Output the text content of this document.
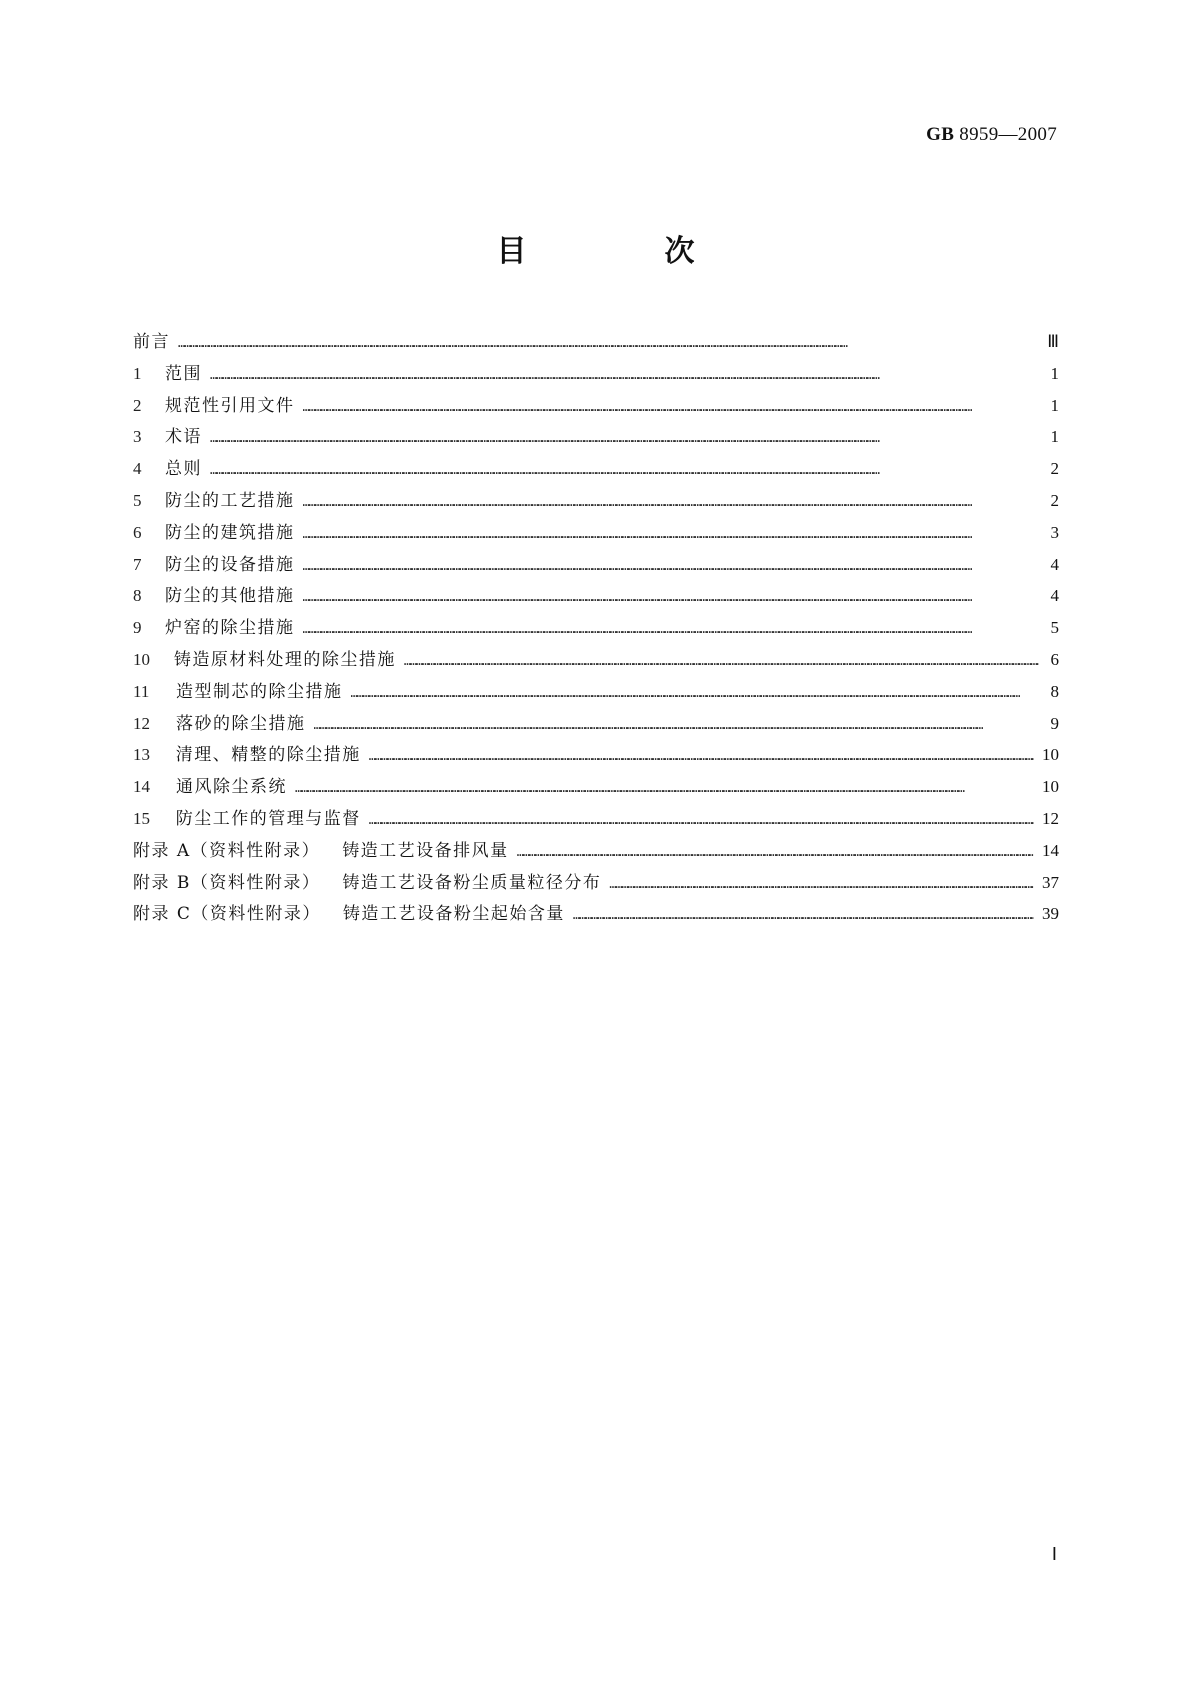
GB 8959—2007
目　次
前言 ………………………………………………………………………………………………………………………………………………………………………………………………………………………………………………………………………………………………………	Ⅲ
1	范围 ………………………………………………………………………………………………………………………………………………………………………………………………………………………………………………………………………………………………………	1
2	规范性引用文件 ………………………………………………………………………………………………………………………………………………………………………………………………………………………………………………………………………………………………………	1
3	术语 ………………………………………………………………………………………………………………………………………………………………………………………………………………………………………………………………………………………………………	1
4	总则 ………………………………………………………………………………………………………………………………………………………………………………………………………………………………………………………………………………………………………	2
5	防尘的工艺措施 ………………………………………………………………………………………………………………………………………………………………………………………………………………………………………………………………………………………………………	2
6	防尘的建筑措施 ………………………………………………………………………………………………………………………………………………………………………………………………………………………………………………………………………………………………………	3
7	防尘的设备措施 ………………………………………………………………………………………………………………………………………………………………………………………………………………………………………………………………………………………………………	4
8	防尘的其他措施 ………………………………………………………………………………………………………………………………………………………………………………………………………………………………………………………………………………………………………	4
9	炉窑的除尘措施 ………………………………………………………………………………………………………………………………………………………………………………………………………………………………………………………………………………………………………	5
10	铸造原材料处理的除尘措施 ………………………………………………………………………………………………………………………………………………………………………………………………………………………………………………………………………………………………………	6
11	造型制芯的除尘措施 ………………………………………………………………………………………………………………………………………………………………………………………………………………………………………………………………………………………………………	8
12	落砂的除尘措施 ………………………………………………………………………………………………………………………………………………………………………………………………………………………………………………………………………………………………………	9
13	清理、精整的除尘措施 ………………………………………………………………………………………………………………………………………………………………………………………………………………………………………………………………………………………………………	10
14	通风除尘系统 ………………………………………………………………………………………………………………………………………………………………………………………………………………………………………………………………………………………………………	10
15	防尘工作的管理与监督 ………………………………………………………………………………………………………………………………………………………………………………………………………………………………………………………………………………………………………	12
附录 A（资料性附录） 铸造工艺设备排风量 ………………………………………………………………………………………………………………………………………………………………………………………………………………………………………………………………………………………………………	14
附录 B（资料性附录） 铸造工艺设备粉尘质量粒径分布 ………………………………………………………………………………………………………………………………………………………………………………………………………………………………………………………………………………………………………	37
附录 C（资料性附录） 铸造工艺设备粉尘起始含量 ………………………………………………………………………………………………………………………………………………………………………………………………………………………………………………………………………………………………………	39
Ⅰ
